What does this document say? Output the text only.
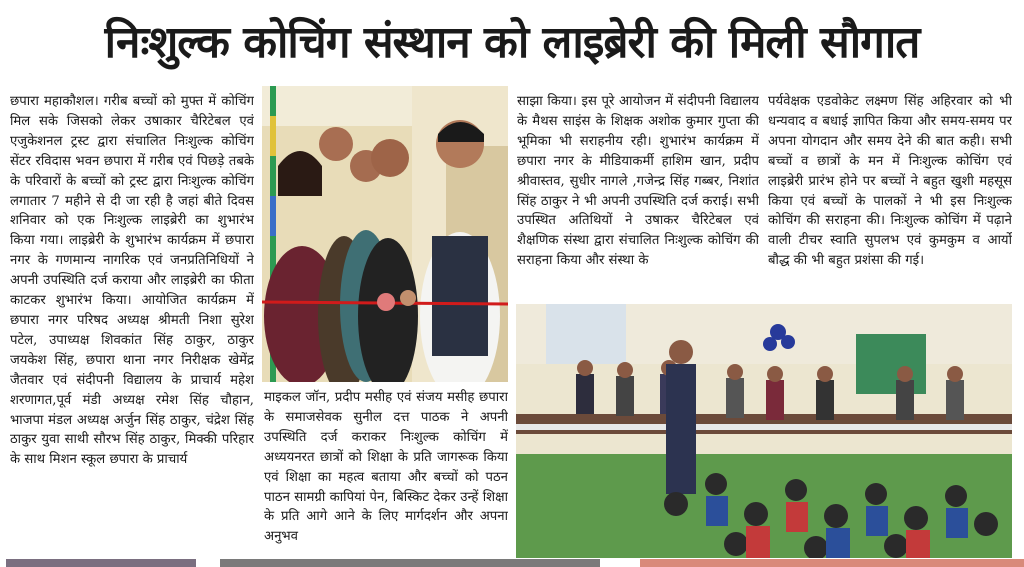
निःशुल्क कोचिंग संस्थान को लाइब्रेरी की मिली सौगात
छपारा महाकौशल। गरीब बच्चों को मुफ्त में कोचिंग मिल सके जिसको लेकर उषाकार चैरिटेबल एवं एजुकेशनल ट्रस्ट द्वारा संचालित निःशुल्क कोचिंग सेंटर रविदास भवन छपारा में गरीब एवं पिछड़े तबके के परिवारों के बच्चों को ट्रस्ट द्वारा निःशुल्क कोचिंग लगातार 7 महीने से दी जा रही है जहां बीते दिवस शनिवार को एक निःशुल्क लाइब्रेरी का शुभारंभ किया गया। लाइब्रेरी के शुभारंभ कार्यक्रम में छपारा नगर के गणमान्य नागरिक एवं जनप्रतिनिधियों ने अपनी उपस्थिति दर्ज कराया और लाइब्रेरी का फीता काटकर शुभारंभ किया। आयोजित कार्यक्रम में छपारा नगर परिषद अध्यक्ष श्रीमती निशा सुरेश पटेल, उपाध्यक्ष शिवकांत सिंह ठाकुर, ठाकुर जयकेश सिंह, छपारा थाना नगर निरीक्षक खेमेंद्र जैतवार एवं संदीपनी विद्यालय के प्राचार्य महेश शरणागत,पूर्व मंडी अध्यक्ष रमेश सिंह चौहान, भाजपा मंडल अध्यक्ष अर्जुन सिंह ठाकुर, चंद्रेश सिंह ठाकुर युवा साथी सौरभ सिंह ठाकुर, मिक्की परिहार के साथ मिशन स्कूल छपारा के प्राचार्य
माइकल जॉन, प्रदीप मसीह एवं संजय मसीह छपारा के समाजसेवक सुनील दत्त पाठक ने अपनी उपस्थिति दर्ज कराकर निःशुल्क कोचिंग में अध्ययनरत छात्रों को शिक्षा के प्रति जागरूक किया एवं शिक्षा का महत्व बताया और बच्चों को पठन पाठन सामग्री कापियां पेन, बिस्किट देकर उन्हें शिक्षा के प्रति आगे आने के लिए मार्गदर्शन और अपना अनुभव
साझा किया। इस पूरे आयोजन में संदीपनी विद्यालय के मैथस साइंस के शिक्षक अशोक कुमार गुप्ता की भूमिका भी सराहनीय रही। शुभारंभ कार्यक्रम में छपारा नगर के मीडियाकर्मी हाशिम खान, प्रदीप श्रीवास्तव, सुधीर नागले ,गजेन्द्र सिंह गब्बर, निशांत सिंह ठाकुर ने भी अपनी उपस्थिति दर्ज कराई। सभी उपस्थित अतिथियों ने उषाकर चैरिटेबल एवं शैक्षणिक संस्था द्वारा संचालित निःशुल्क कोचिंग की सराहना किया और संस्था के
पर्यवेक्षक एडवोकेट लक्ष्मण सिंह अहिरवार को भी धन्यवाद व बधाई ज्ञापित किया और समय-समय पर अपना योगदान और समय देने की बात कही। सभी बच्चों व छात्रों के मन में निःशुल्क कोचिंग एवं लाइब्रेरी प्रारंभ होने पर बच्चों ने बहुत खुशी महसूस किया एवं बच्चों के पालकों ने भी इस निःशुल्क कोचिंग की सराहना की। निःशुल्क कोचिंग में पढ़ाने वाली टीचर स्वाति सुपलभ एवं कुमकुम व आर्यो बौद्ध की भी बहुत प्रशंसा की गई।
